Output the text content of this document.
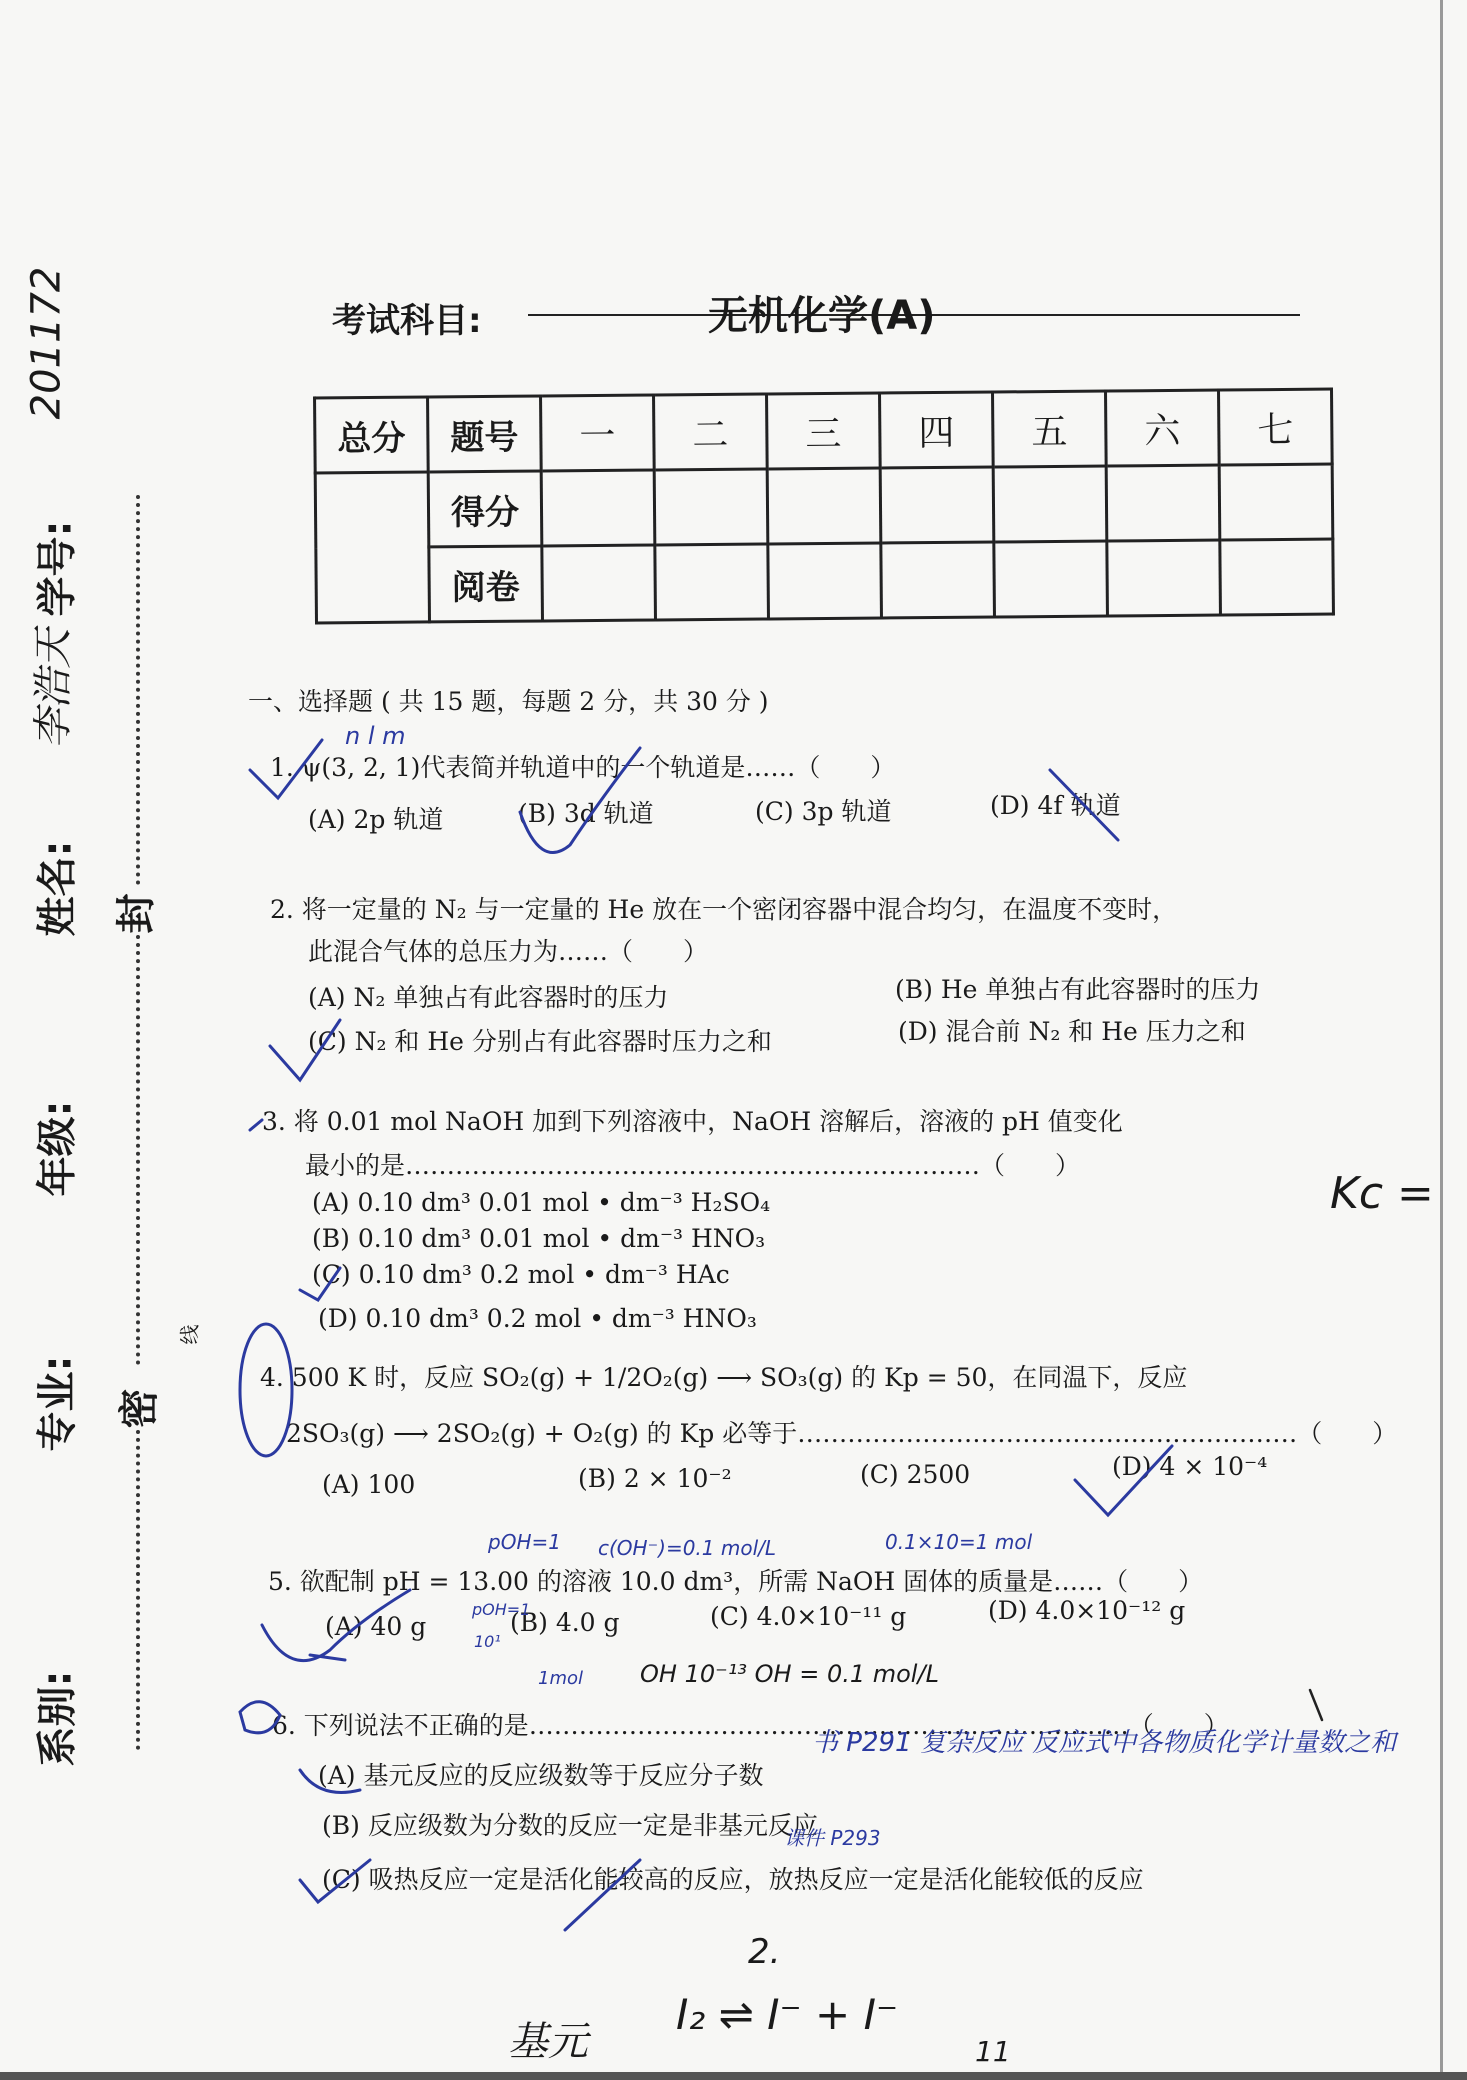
系别:
专业:
年级:
姓名:
学号:
201172
李浩天
封
密
线
考试科目:	无机化学(A)
总分	题号	一	二	三	四	五	六	七
	得分							
	阅卷							
一、选择题 ( 共 15 题，每题 2 分，共 30 分 )
n l m
1. ψ(3, 2, 1)代表简并轨道中的一个轨道是……（　　）
(A) 2p 轨道	(B) 3d 轨道	(C) 3p 轨道	(D) 4f 轨道
2. 将一定量的 N₂ 与一定量的 He 放在一个密闭容器中混合均匀，在温度不变时，
此混合气体的总压力为……（　　）
(A) N₂ 单独占有此容器时的压力	(B) He 单独占有此容器时的压力
(C) N₂ 和 He 分别占有此容器时压力之和	(D) 混合前 N₂ 和 He 压力之和
3. 将 0.01 mol NaOH 加到下列溶液中，NaOH 溶解后，溶液的 pH 值变化
最小的是……………………………………………………………（　　）
Kc =
(A) 0.10 dm³ 0.01 mol • dm⁻³ H₂SO₄
(B) 0.10 dm³ 0.01 mol • dm⁻³ HNO₃
(C) 0.10 dm³ 0.2 mol • dm⁻³ HAc
(D) 0.10 dm³ 0.2 mol • dm⁻³ HNO₃
4. 500 K 时，反应 SO₂(g) + 1/2O₂(g) ⟶ SO₃(g) 的 Kp = 50，在同温下，反应
2SO₃(g) ⟶ 2SO₂(g) + O₂(g) 的 Kp 必等于……………………………………………………（　　）
(A) 100	(B) 2 × 10⁻²	(C) 2500	(D) 4 × 10⁻⁴
pOH=1 c(OH⁻)=0.1 mol/L	0.1×10=1 mol
5. 欲配制 pH = 13.00 的溶液 10.0 dm³，所需 NaOH 固体的质量是……（　　）
(A) 40 g	(B) 4.0 g	(C) 4.0×10⁻¹¹ g	(D) 4.0×10⁻¹² g
pOH=1
10¹
1mol OH 10⁻¹³ OH = 0.1 mol/L
6. 下列说法不正确的是………………………………………………………………（　　）
(A) 基元反应的反应级数等于反应分子数
书 P291 复杂反应 反应式中各物质化学计量数之和
(B) 反应级数为分数的反应一定是非基元反应
课件 P293
(C) 吸热反应一定是活化能较高的反应，放热反应一定是活化能较低的反应
2.
基元
I₂ ⇌ I⁻ + I⁻
11
